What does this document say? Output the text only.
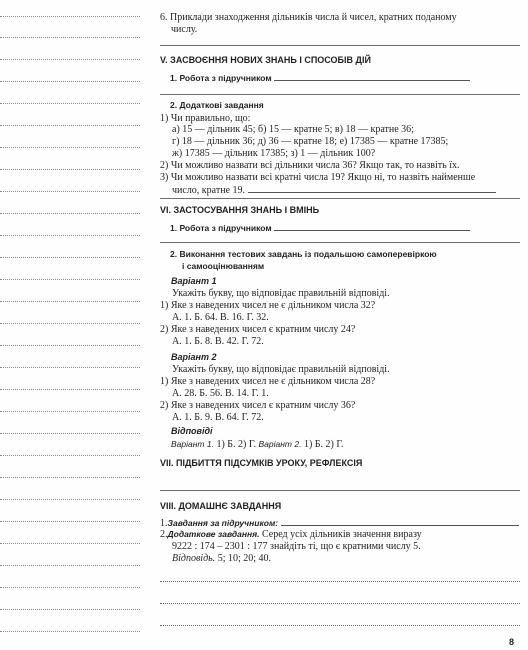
6. Приклади знаходження дільників числа й чисел, кратних поданому
числу.
V. ЗАСВОЄННЯ НОВИХ ЗНАНЬ І СПОСОБІВ ДІЙ
1. Робота з підручником
2. Додаткові завдання
1) Чи правильно, що:
а) 15 — дільник 45; б) 15 — кратне 5; в) 18 — кратне 36;
г) 18 — дільник 36; д) 36 — кратне 18; е) 17385 — кратне 17385;
ж) 17385 — дільник 17385; з) 1 — дільник 100?
2) Чи можливо назвати всі дільники числа 36? Якщо так, то назвіть їх.
3) Чи можливо назвати всі кратні числа 19? Якщо ні, то назвіть найменше
число, кратне 19.
VI. ЗАСТОСУВАННЯ ЗНАНЬ І ВМІНЬ
1. Робота з підручником
2. Виконання тестових завдань із подальшою самоперевіркою
і самооцінюванням
Варіант 1
Укажіть букву, що відповідає правильній відповіді.
1) Яке з наведених чисел не є дільником числа 32?
А. 1. Б. 64. В. 16. Г. 32.
2) Яке з наведених чисел є кратним числу 24?
А. 1. Б. 8. В. 42. Г. 72.
Варіант 2
Укажіть букву, що відповідає правильній відповіді.
1) Яке з наведених чисел не є дільником числа 28?
А. 28. Б. 56. В. 14. Г. 1.
2) Яке з наведених чисел є кратним числу 36?
А. 1. Б. 9. В. 64. Г. 72.
Відповіді
Варіант 1. 1) Б. 2) Г. Варіант 2. 1) Б. 2) Г.
VII. ПІДБИТТЯ ПІДСУМКІВ УРОКУ, РЕФЛЕКСІЯ
VIII. ДОМАШНЄ ЗАВДАННЯ
1.Завдання за підручником:
2.Додаткове завдання. Серед усіх дільників значення виразу
9222 : 174 – 2301 : 177 знайдіть ті, що є кратними числу 5.
Відповідь. 5; 10; 20; 40.
8
